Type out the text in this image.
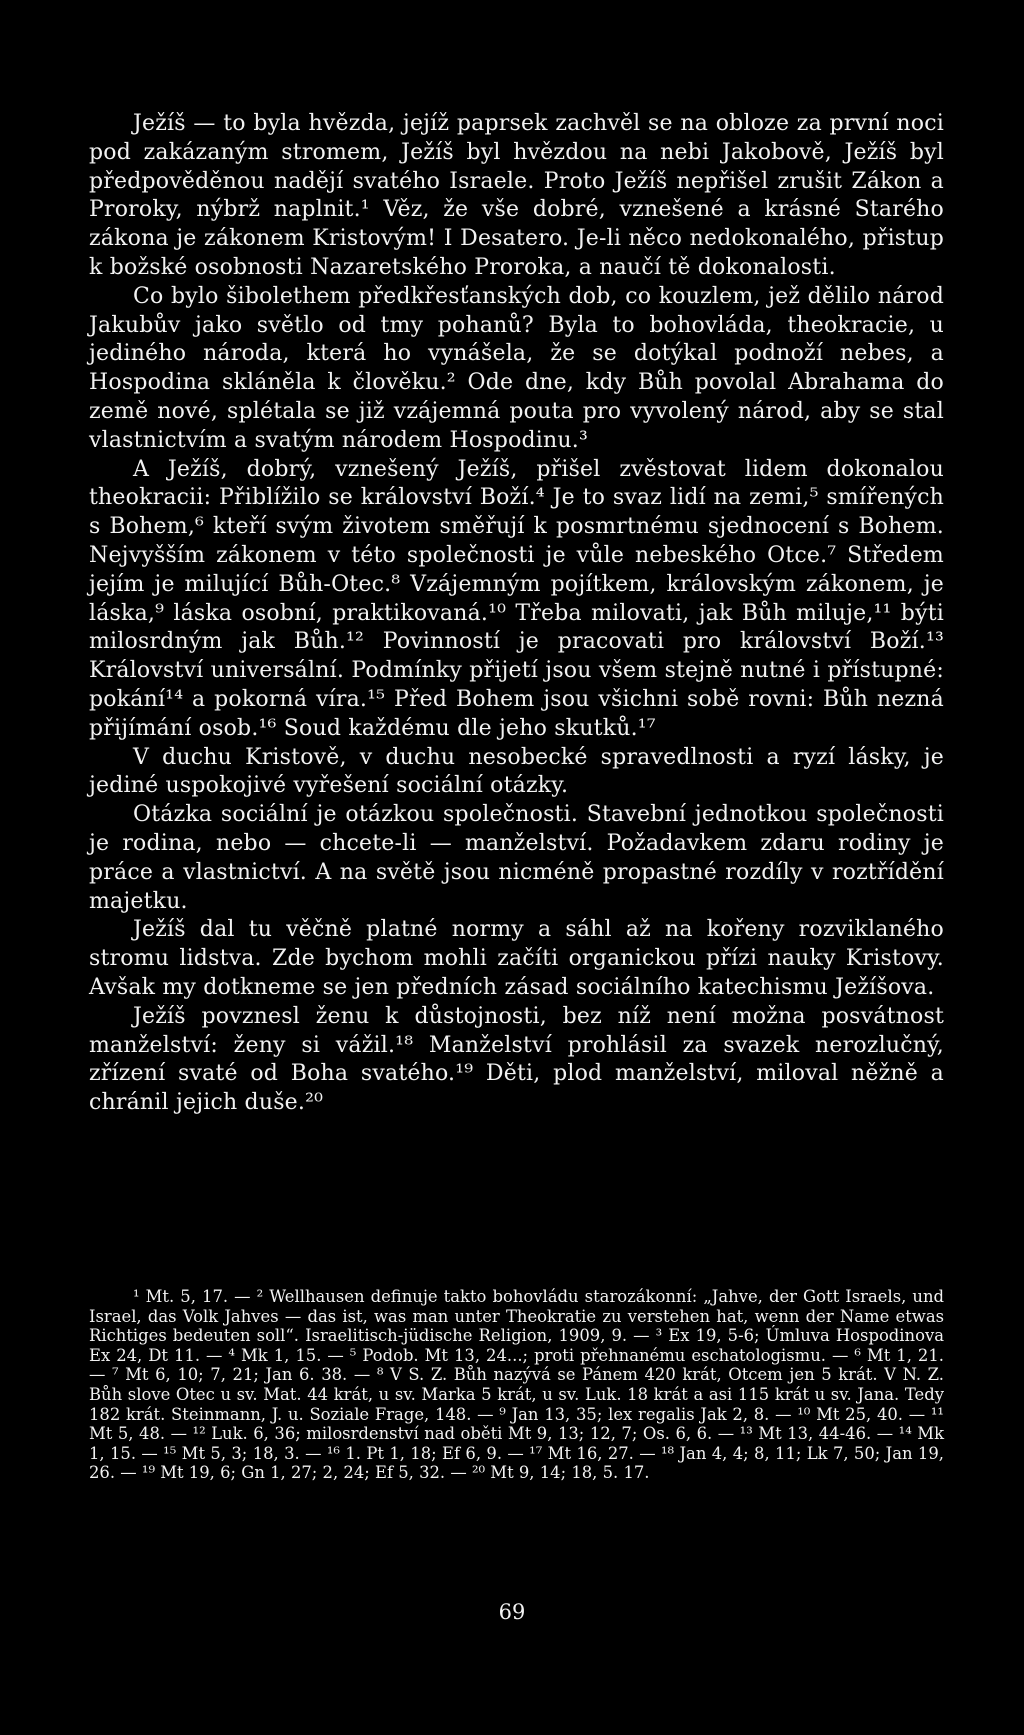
Ježíš — to byla hvězda, jejíž paprsek zachvěl se na obloze za první noci pod zakázaným stromem, Ježíš byl hvězdou na nebi Jakobově, Ježíš byl předpověděnou nadějí svatého Israele. Proto Ježíš nepřišel zrušit Zákon a Proroky, nýbrž naplnit.¹ Věz, že vše dobré, vznešené a krásné Starého zákona je zákonem Kristovým! I Desatero. Je-li něco nedokonalého, přistup k božské osobnosti Nazaretského Proroka, a naučí tě dokonalosti.

Co bylo šibolethem předkřesťanských dob, co kouzlem, jež dělilo národ Jakubův jako světlo od tmy pohanů? Byla to bohovláda, theokracie, u jediného národa, která ho vynášela, že se dotýkal podnoží nebes, a Hospodina skláněla k člověku.² Ode dne, kdy Bůh povolal Abrahama do země nové, splétala se již vzájemná pouta pro vyvolený národ, aby se stal vlastnictvím a svatým národem Hospodinu.³

A Ježíš, dobrý, vznešený Ježíš, přišel zvěstovat lidem dokonalou theokracii: Přiblížilo se království Boží.⁴ Je to svaz lidí na zemi,⁵ smířených s Bohem,⁶ kteří svým životem směřují k posmrtnému sjednocení s Bohem. Nejvyšším zákonem v této společnosti je vůle nebeského Otce.⁷ Středem jejím je milující Bůh-Otec.⁸ Vzájemným pojítkem, královským zákonem, je láska,⁹ láska osobní, praktikovaná.¹⁰ Třeba milovati, jak Bůh miluje,¹¹ býti milosrdným jak Bůh.¹² Povinností je pracovati pro království Boží.¹³ Království universální. Podmínky přijetí jsou všem stejně nutné i přístupné: pokání¹⁴ a pokorná víra.¹⁵ Před Bohem jsou všichni sobě rovni: Bůh nezná přijímání osob.¹⁶ Soud každému dle jeho skutků.¹⁷

V duchu Kristově, v duchu nesobecké spravedlnosti a ryzí lásky, je jediné uspokojivé vyřešení sociální otázky.

Otázka sociální je otázkou společnosti. Stavební jednotkou společnosti je rodina, nebo — chcete-li — manželství. Požadavkem zdaru rodiny je práce a vlastnictví. A na světě jsou nicméně propastné rozdíly v roztřídění majetku.

Ježíš dal tu věčně platné normy a sáhl až na kořeny rozviklaného stromu lidstva. Zde bychom mohli začíti organickou přízi nauky Kristovy. Avšak my dotkneme se jen předních zásad sociálního katechismu Ježíšova.

Ježíš povznesl ženu k důstojnosti, bez níž není možna posvátnost manželství: ženy si vážil.¹⁸ Manželství prohlásil za svazek nerozlučný, zřízení svaté od Boha svatého.¹⁹ Děti, plod manželství, miloval něžně a chránil jejich duše.²⁰

¹ Mt. 5, 17. — ² Wellhausen definuje takto bohovládu starozákonní: „Jahve, der Gott Israels, und Israel, das Volk Jahves — das ist, was man unter Theokratie zu verstehen hat, wenn der Name etwas Richtiges bedeuten soll“. Israelitisch-jüdische Religion, 1909, 9. — ³ Ex 19, 5-6; Úmluva Hospodinova Ex 24, Dt 11. — ⁴ Mk 1, 15. — ⁵ Podob. Mt 13, 24...; proti přehnanému eschatologismu. — ⁶ Mt 1, 21. — ⁷ Mt 6, 10; 7, 21; Jan 6. 38. — ⁸ V S. Z. Bůh nazývá se Pánem 420 krát, Otcem jen 5 krát. V N. Z. Bůh slove Otec u sv. Mat. 44 krát, u sv. Marka 5 krát, u sv. Luk. 18 krát a asi 115 krát u sv. Jana. Tedy 182 krát. Steinmann, J. u. Soziale Frage, 148. — ⁹ Jan 13, 35; lex regalis Jak 2, 8. — ¹⁰ Mt 25, 40. — ¹¹ Mt 5, 48. — ¹² Luk. 6, 36; milosrdenství nad oběti Mt 9, 13; 12, 7; Os. 6, 6. — ¹³ Mt 13, 44-46. — ¹⁴ Mk 1, 15. — ¹⁵ Mt 5, 3; 18, 3. — ¹⁶ 1. Pt 1, 18; Ef 6, 9. — ¹⁷ Mt 16, 27. — ¹⁸ Jan 4, 4; 8, 11; Lk 7, 50; Jan 19, 26. — ¹⁹ Mt 19, 6; Gn 1, 27; 2, 24; Ef 5, 32. — ²⁰ Mt 9, 14; 18, 5. 17.

69
